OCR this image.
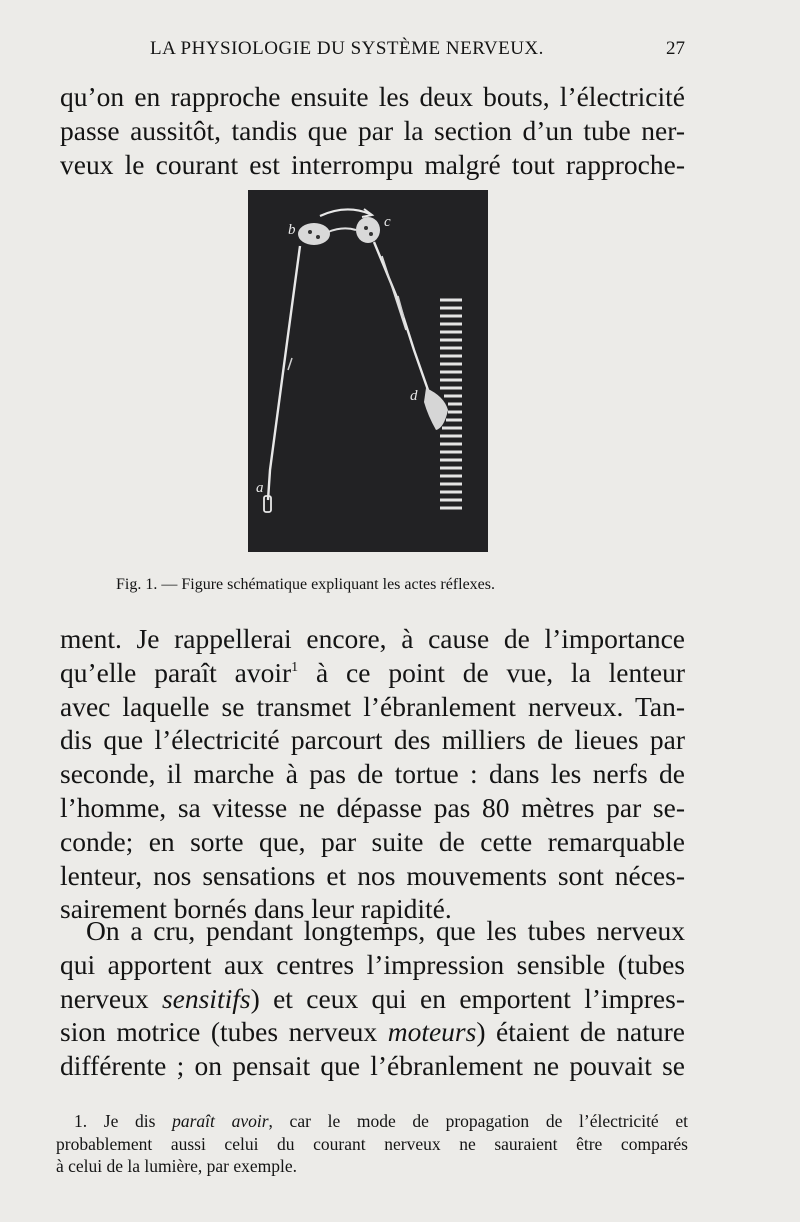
LA PHYSIOLOGIE DU SYSTÈME NERVEUX.	27
qu’on en rapproche ensuite les deux bouts, l’électricité
passe aussitôt, tandis que par la section d’un tube ner-
veux le courant est interrompu malgré tout rapproche-
a
b	c
d
Fig. 1. — Figure schématique expliquant les actes réflexes.
ment. Je rappellerai encore, à cause de l’importance
qu’elle paraît avoir$^1$ à ce point de vue, la lenteur
avec laquelle se transmet l’ébranlement nerveux. Tan-
dis que l’électricité parcourt des milliers de lieues par
seconde, il marche à pas de tortue : dans les nerfs de
l’homme, sa vitesse ne dépasse pas 80 mètres par se-
conde; en sorte que, par suite de cette remarquable
lenteur, nos sensations et nos mouvements sont néces-
sairement bornés dans leur rapidité.
On a cru, pendant longtemps, que les tubes nerveux
qui apportent aux centres l’impression sensible (tubes
nerveux sensitifs) et ceux qui en emportent l’impres-
sion motrice (tubes nerveux moteurs) étaient de nature
différente ; on pensait que l’ébranlement ne pouvait se
1. Je dis paraît avoir, car le mode de propagation de l’électricité et
probablement aussi celui du courant nerveux ne sauraient être comparés
à celui de la lumière, par exemple.
